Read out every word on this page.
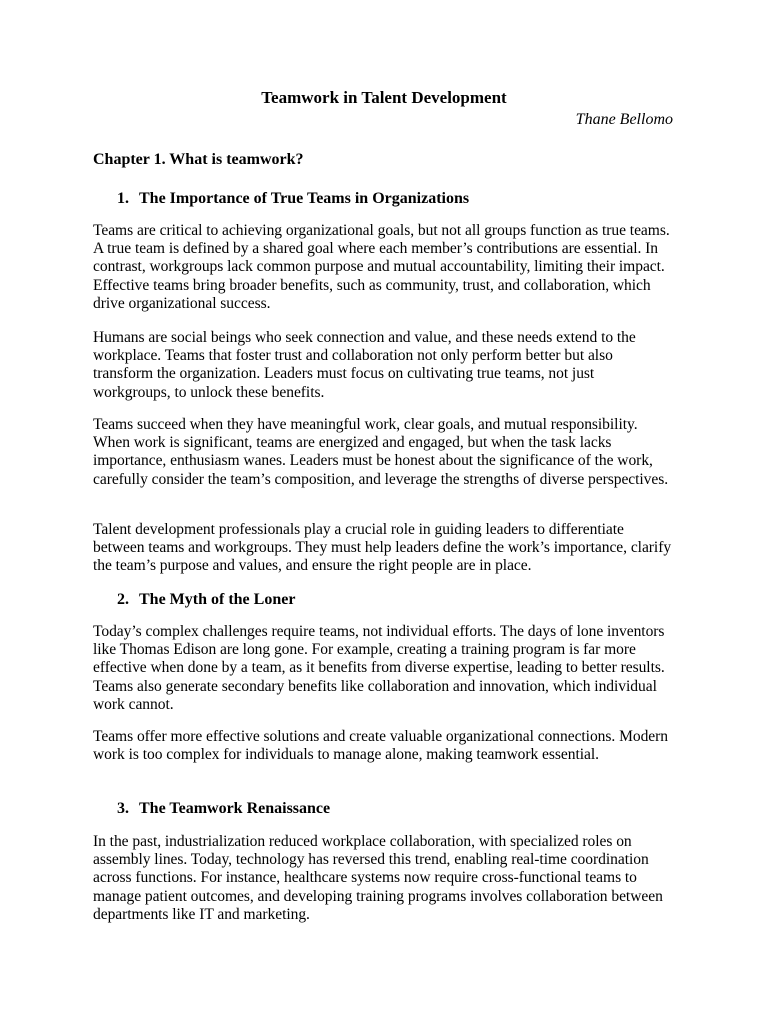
Teamwork in Talent Development
Thane Bellomo
Chapter 1. What is teamwork?
1. The Importance of True Teams in Organizations

Teams are critical to achieving organizational goals, but not all groups function as true teams. A true team is defined by a shared goal where each member’s contributions are essential. In contrast, workgroups lack common purpose and mutual accountability, limiting their impact. Effective teams bring broader benefits, such as community, trust, and collaboration, which drive organizational success.

Humans are social beings who seek connection and value, and these needs extend to the workplace. Teams that foster trust and collaboration not only perform better but also transform the organization. Leaders must focus on cultivating true teams, not just workgroups, to unlock these benefits.

Teams succeed when they have meaningful work, clear goals, and mutual responsibility. When work is significant, teams are energized and engaged, but when the task lacks importance, enthusiasm wanes. Leaders must be honest about the significance of the work, carefully consider the team’s composition, and leverage the strengths of diverse perspectives.

Talent development professionals play a crucial role in guiding leaders to differentiate between teams and workgroups. They must help leaders define the work’s importance, clarify the team’s purpose and values, and ensure the right people are in place.

2. The Myth of the Loner

Today’s complex challenges require teams, not individual efforts. The days of lone inventors like Thomas Edison are long gone. For example, creating a training program is far more effective when done by a team, as it benefits from diverse expertise, leading to better results. Teams also generate secondary benefits like collaboration and innovation, which individual work cannot.

Teams offer more effective solutions and create valuable organizational connections. Modern work is too complex for individuals to manage alone, making teamwork essential.

3. The Teamwork Renaissance

In the past, industrialization reduced workplace collaboration, with specialized roles on assembly lines. Today, technology has reversed this trend, enabling real-time coordination across functions. For instance, healthcare systems now require cross-functional teams to manage patient outcomes, and developing training programs involves collaboration between departments like IT and marketing.
